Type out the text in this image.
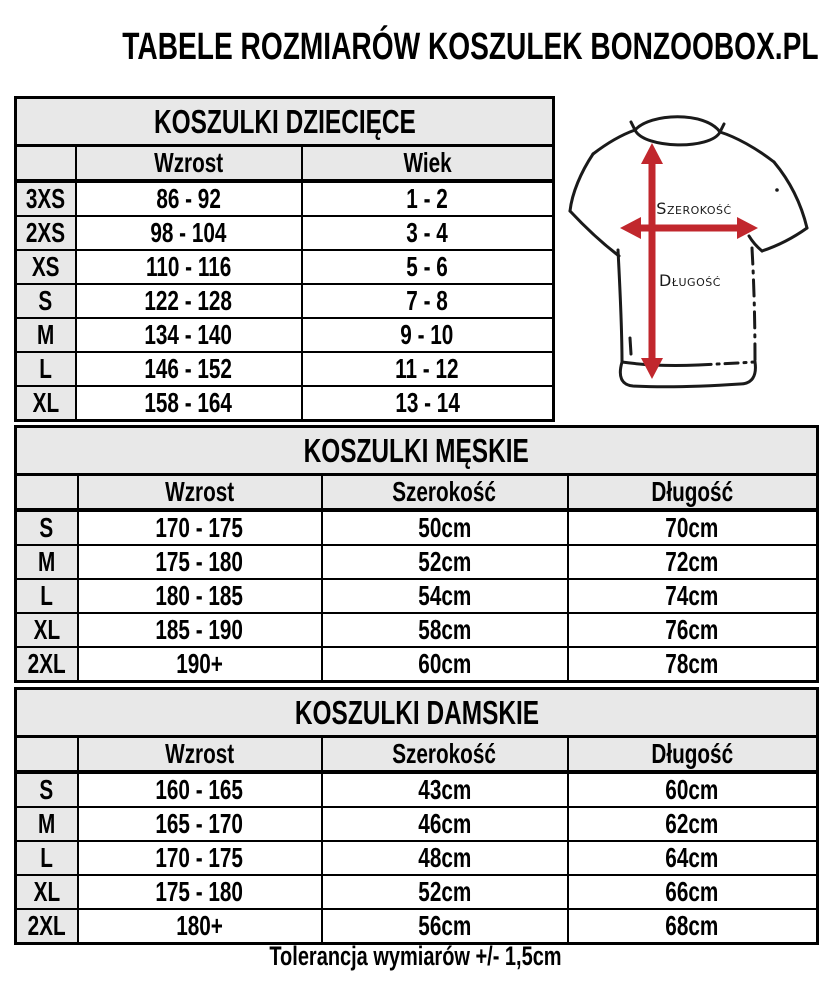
TABELE ROZMIARÓW KOSZULEK BONZOOBOX.PL
KOSZULKI DZIECIĘCE		
	Wzrost	Wiek
3XS	86 - 92	1 - 2
2XS	98 - 104	3 - 4
XS	110 - 116	5 - 6
S	122 - 128	7 - 8
M	134 - 140	9 - 10
L	146 - 152	11 - 12
XL	158 - 164	13 - 14
Szerokość
Długość
KOSZULKI MĘSKIE			
	Wzrost	Szerokość	Długość
S	170 - 175	50cm	70cm
M	175 - 180	52cm	72cm
L	180 - 185	54cm	74cm
XL	185 - 190	58cm	76cm
2XL	190+	60cm	78cm
KOSZULKI DAMSKIE			
	Wzrost	Szerokość	Długość
S	160 - 165	43cm	60cm
M	165 - 170	46cm	62cm
L	170 - 175	48cm	64cm
XL	175 - 180	52cm	66cm
2XL	180+	56cm	68cm
Tolerancja wymiarów +/- 1,5cm
